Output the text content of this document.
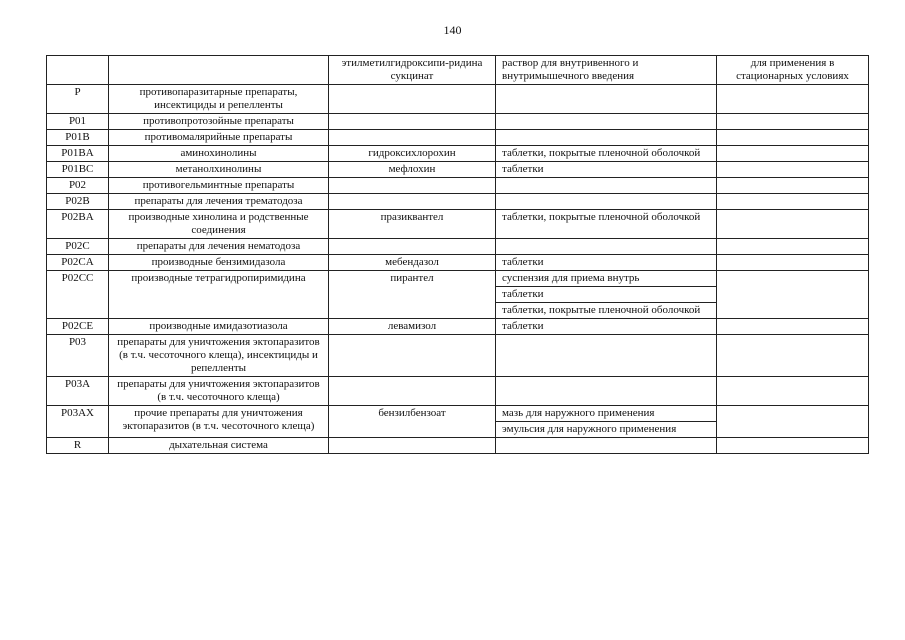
140
		этилметилгидроксипи-ридина сукцинат	раствор для внутривенного и внутримышечного введения	для применения в стационарных условиях
P	противопаразитарные препараты, инсектициды и репелленты			
P01	противопротозойные препараты			
P01B	противомалярийные препараты			
P01BA	аминохинолины	гидроксихлорохин	таблетки, покрытые пленочной оболочкой	
P01BC	метанолхинолины	мефлохин	таблетки	
P02	противогельминтные препараты			
P02B	препараты для лечения трематодоза			
P02BA	производные хинолина и родственные соединения	празиквантел	таблетки, покрытые пленочной оболочкой	
P02C	препараты для лечения нематодоза			
P02CA	производные бензимидазола	мебендазол	таблетки	
P02CC	производные тетрагидропиримидина	пирантел	суспензия для приема внутрь
таблетки
таблетки, покрытые пленочной оболочкой	

P02CE	производные имидазотиазола	левамизол	таблетки	
P03	препараты для уничтожения эктопаразитов (в т.ч. чесоточного клеща), инсектициды и репелленты			
P03A	препараты для уничтожения эктопаразитов (в т.ч. чесоточного клеща)			
P03AX	прочие препараты для уничтожения эктопаразитов (в т.ч. чесоточного клеща)	бензилбензоат	мазь для наружного применения
эмульсия для наружного применения	

R	дыхательная система			
